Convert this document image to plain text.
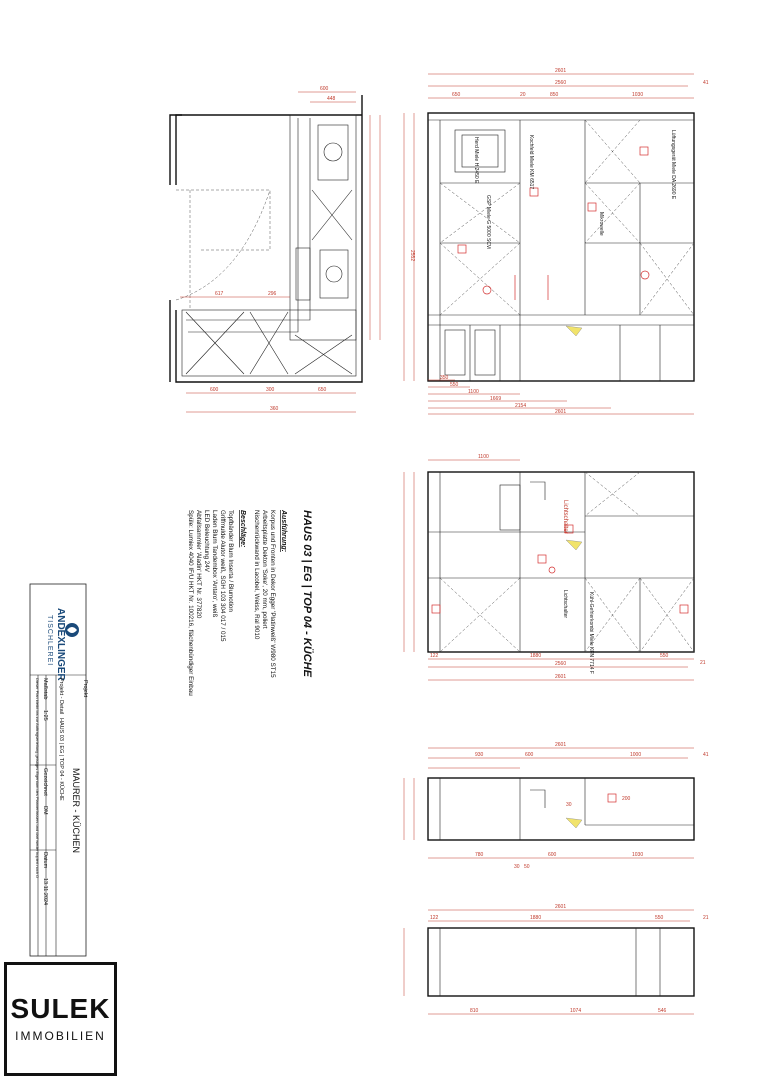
600
448
600	300	650
360
617	296
Kochfeld Miele KM 6517
Herd Miele H 2450 E
GSP Miele G 5000 SCVi
Lüftungsgerät Miele DA 2690 E
Mikrowelle
2601
2560
650	20	850	1030
41
350
550
1100
1669
2154
2601
2552
Lichtschalter
Lichtschalter	Kühl-Gefrierkombi Miele KFN 7714 F
1100
122	1880	550
21
2560
2601
2601
930	600	1000	41
780	600	1030
30 50
30
200
2601
122	1880	550	21
810	1074	546
HAUS 03 | EG | TOP 04 - KÜCHE
Ausführung:
Korpus und Fronten in Dekor Egger 'Platinweiß' W980 ST15
Arbeitsplatte Dekton 'Soke', 20 mm, poliert
Nischenrückwand in Lacobel, Weiss, Ral 9010
Beschläge:
Topfbänder Blum Inserta / Blumotion
Griffmulde Alutor weiß, SGH 103 304 017 / 015
Laden Blum Tandembox 'Antaro', weiß
LED Beleuchtung 24V
Abfallsammler 'Aladin' HKT Nr. 377820
Spüle: Lumiex 4040 IF/U HKT Nr. 100216, flächenbündiger Einbau
ANDEXLINGER
TISCHLEREI
Projekt
MAURER - KÜCHEN
Projekt - Detail
HAUS 03 | EG | TOP 04 - KÜCHE
Maßstab
1:25
Gezeichnet
DM
Datum
13.11.2024
Dieser Plan bleibt bis zur Auftragserteilung geistiges Eigentum des Planverfassers und darf weder kopiert noch D
SULEK
IMMOBILIEN
